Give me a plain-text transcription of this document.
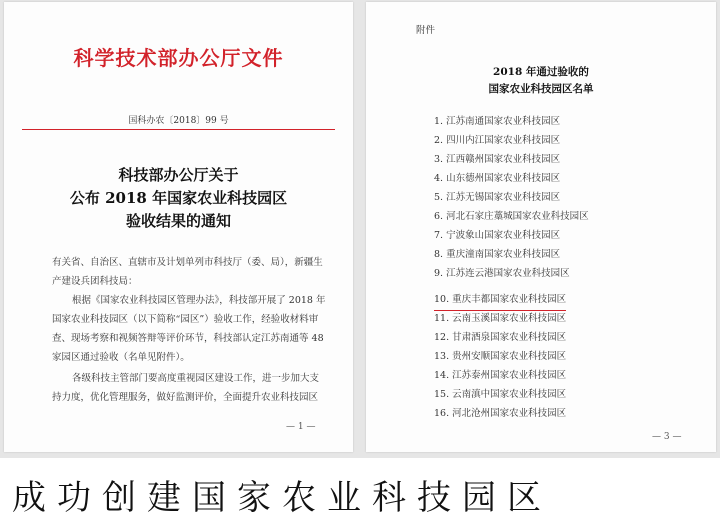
科学技术部办公厅文件
国科办农〔2018〕99 号
科技部办公厅关于
公布 2018 年国家农业科技园区
验收结果的通知
有关省、自治区、直辖市及计划单列市科技厅（委、局），新疆生
产建设兵团科技局：
根据《国家农业科技园区管理办法》，科技部开展了 2018 年
国家农业科技园区（以下简称“园区”）验收工作，经验收材料审
查、现场考察和视频答辩等评价环节，科技部认定江苏南通等 48
家园区通过验收（名单见附件）。
各级科技主管部门要高度重视园区建设工作，进一步加大支
持力度，优化管理服务，做好监测评价，全面提升农业科技园区
— 1 —
附件
2018 年通过验收的
国家农业科技园区名单
1. 江苏南通国家农业科技园区
2. 四川内江国家农业科技园区
3. 江西赣州国家农业科技园区
4. 山东德州国家农业科技园区
5. 江苏无锡国家农业科技园区
6. 河北石家庄藁城国家农业科技园区
7. 宁波象山国家农业科技园区
8. 重庆潼南国家农业科技园区
9. 江苏连云港国家农业科技园区
10. 重庆丰都国家农业科技园区
11. 云南玉溪国家农业科技园区
12. 甘肃酒泉国家农业科技园区
13. 贵州安顺国家农业科技园区
14. 江苏泰州国家农业科技园区
15. 云南滇中国家农业科技园区
16. 河北沧州国家农业科技园区
— 3 —
成功创建国家农业科技园区
